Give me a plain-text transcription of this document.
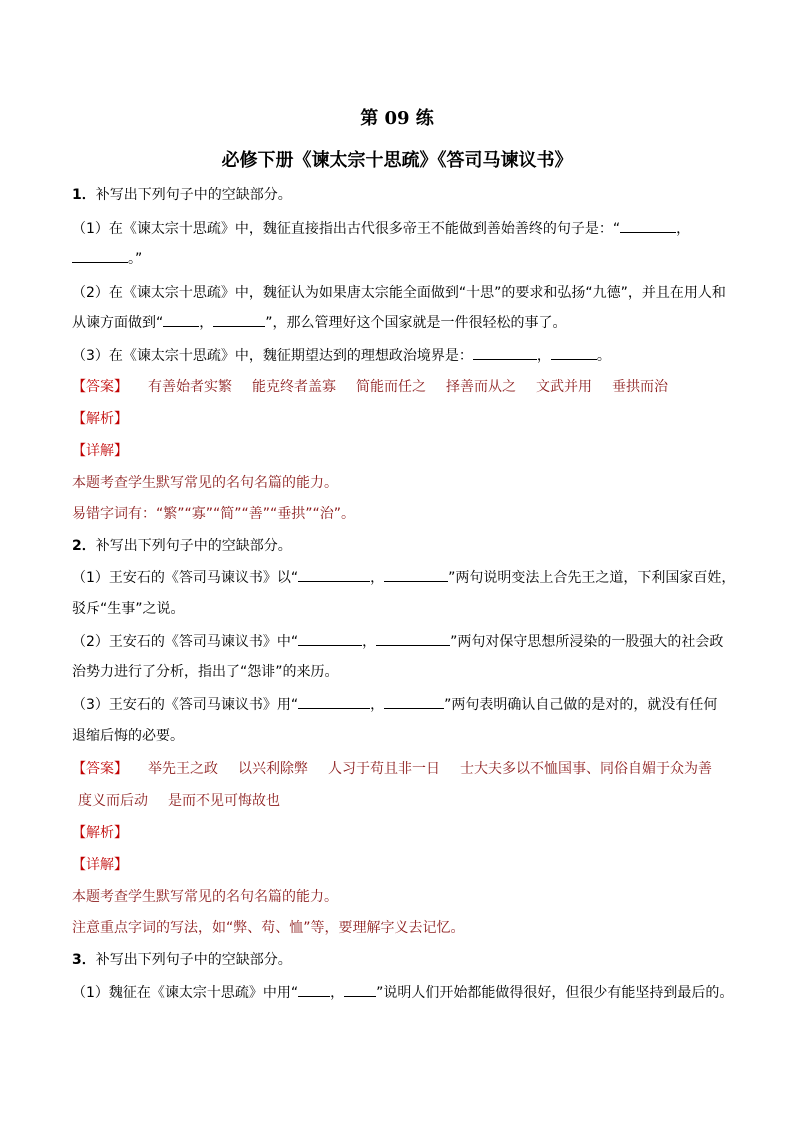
第 09 练
必修下册《谏太宗十思疏》《答司马谏议书》
1．补写出下列句子中的空缺部分。
（1）在《谏太宗十思疏》中，魏征直接指出古代很多帝王不能做到善始善终的句子是：“	，
。”
（2）在《谏太宗十思疏》中，魏征认为如果唐太宗能全面做到“十思”的要求和弘扬“九德”，并且在用人和
从谏方面做到“	，	”，那么管理好这个国家就是一件很轻松的事了。
（3）在《谏太宗十思疏》中，魏征期望达到的理想政治境界是：	，	。
【答案】 有善始者实繁 能克终者盖寡 简能而任之 择善而从之 文武并用 垂拱而治
【解析】
【详解】
本题考查学生默写常见的名句名篇的能力。
易错字词有：“繁”“寡”“简”“善”“垂拱”“治”。
2．补写出下列句子中的空缺部分。
（1）王安石的《答司马谏议书》以“	，	”两句说明变法上合先王之道，下利国家百姓，
驳斥“生事”之说。
（2）王安石的《答司马谏议书》中“	，	”两句对保守思想所浸染的一股强大的社会政
治势力进行了分析，指出了“怨诽”的来历。
（3）王安石的《答司马谏议书》用“	，	”两句表明确认自己做的是对的，就没有任何
退缩后悔的必要。
【答案】 举先王之政 以兴利除弊 人习于苟且非一日 士大夫多以不恤国事、同俗自媚于众为善
度义而后动 是而不见可悔故也
【解析】
【详解】
本题考查学生默写常见的名句名篇的能力。
注意重点字词的写法，如“弊、苟、恤”等，要理解字义去记忆。
3．补写出下列句子中的空缺部分。
（1）魏征在《谏太宗十思疏》中用“ ， ”说明人们开始都能做得很好，但很少有能坚持到最后的。
